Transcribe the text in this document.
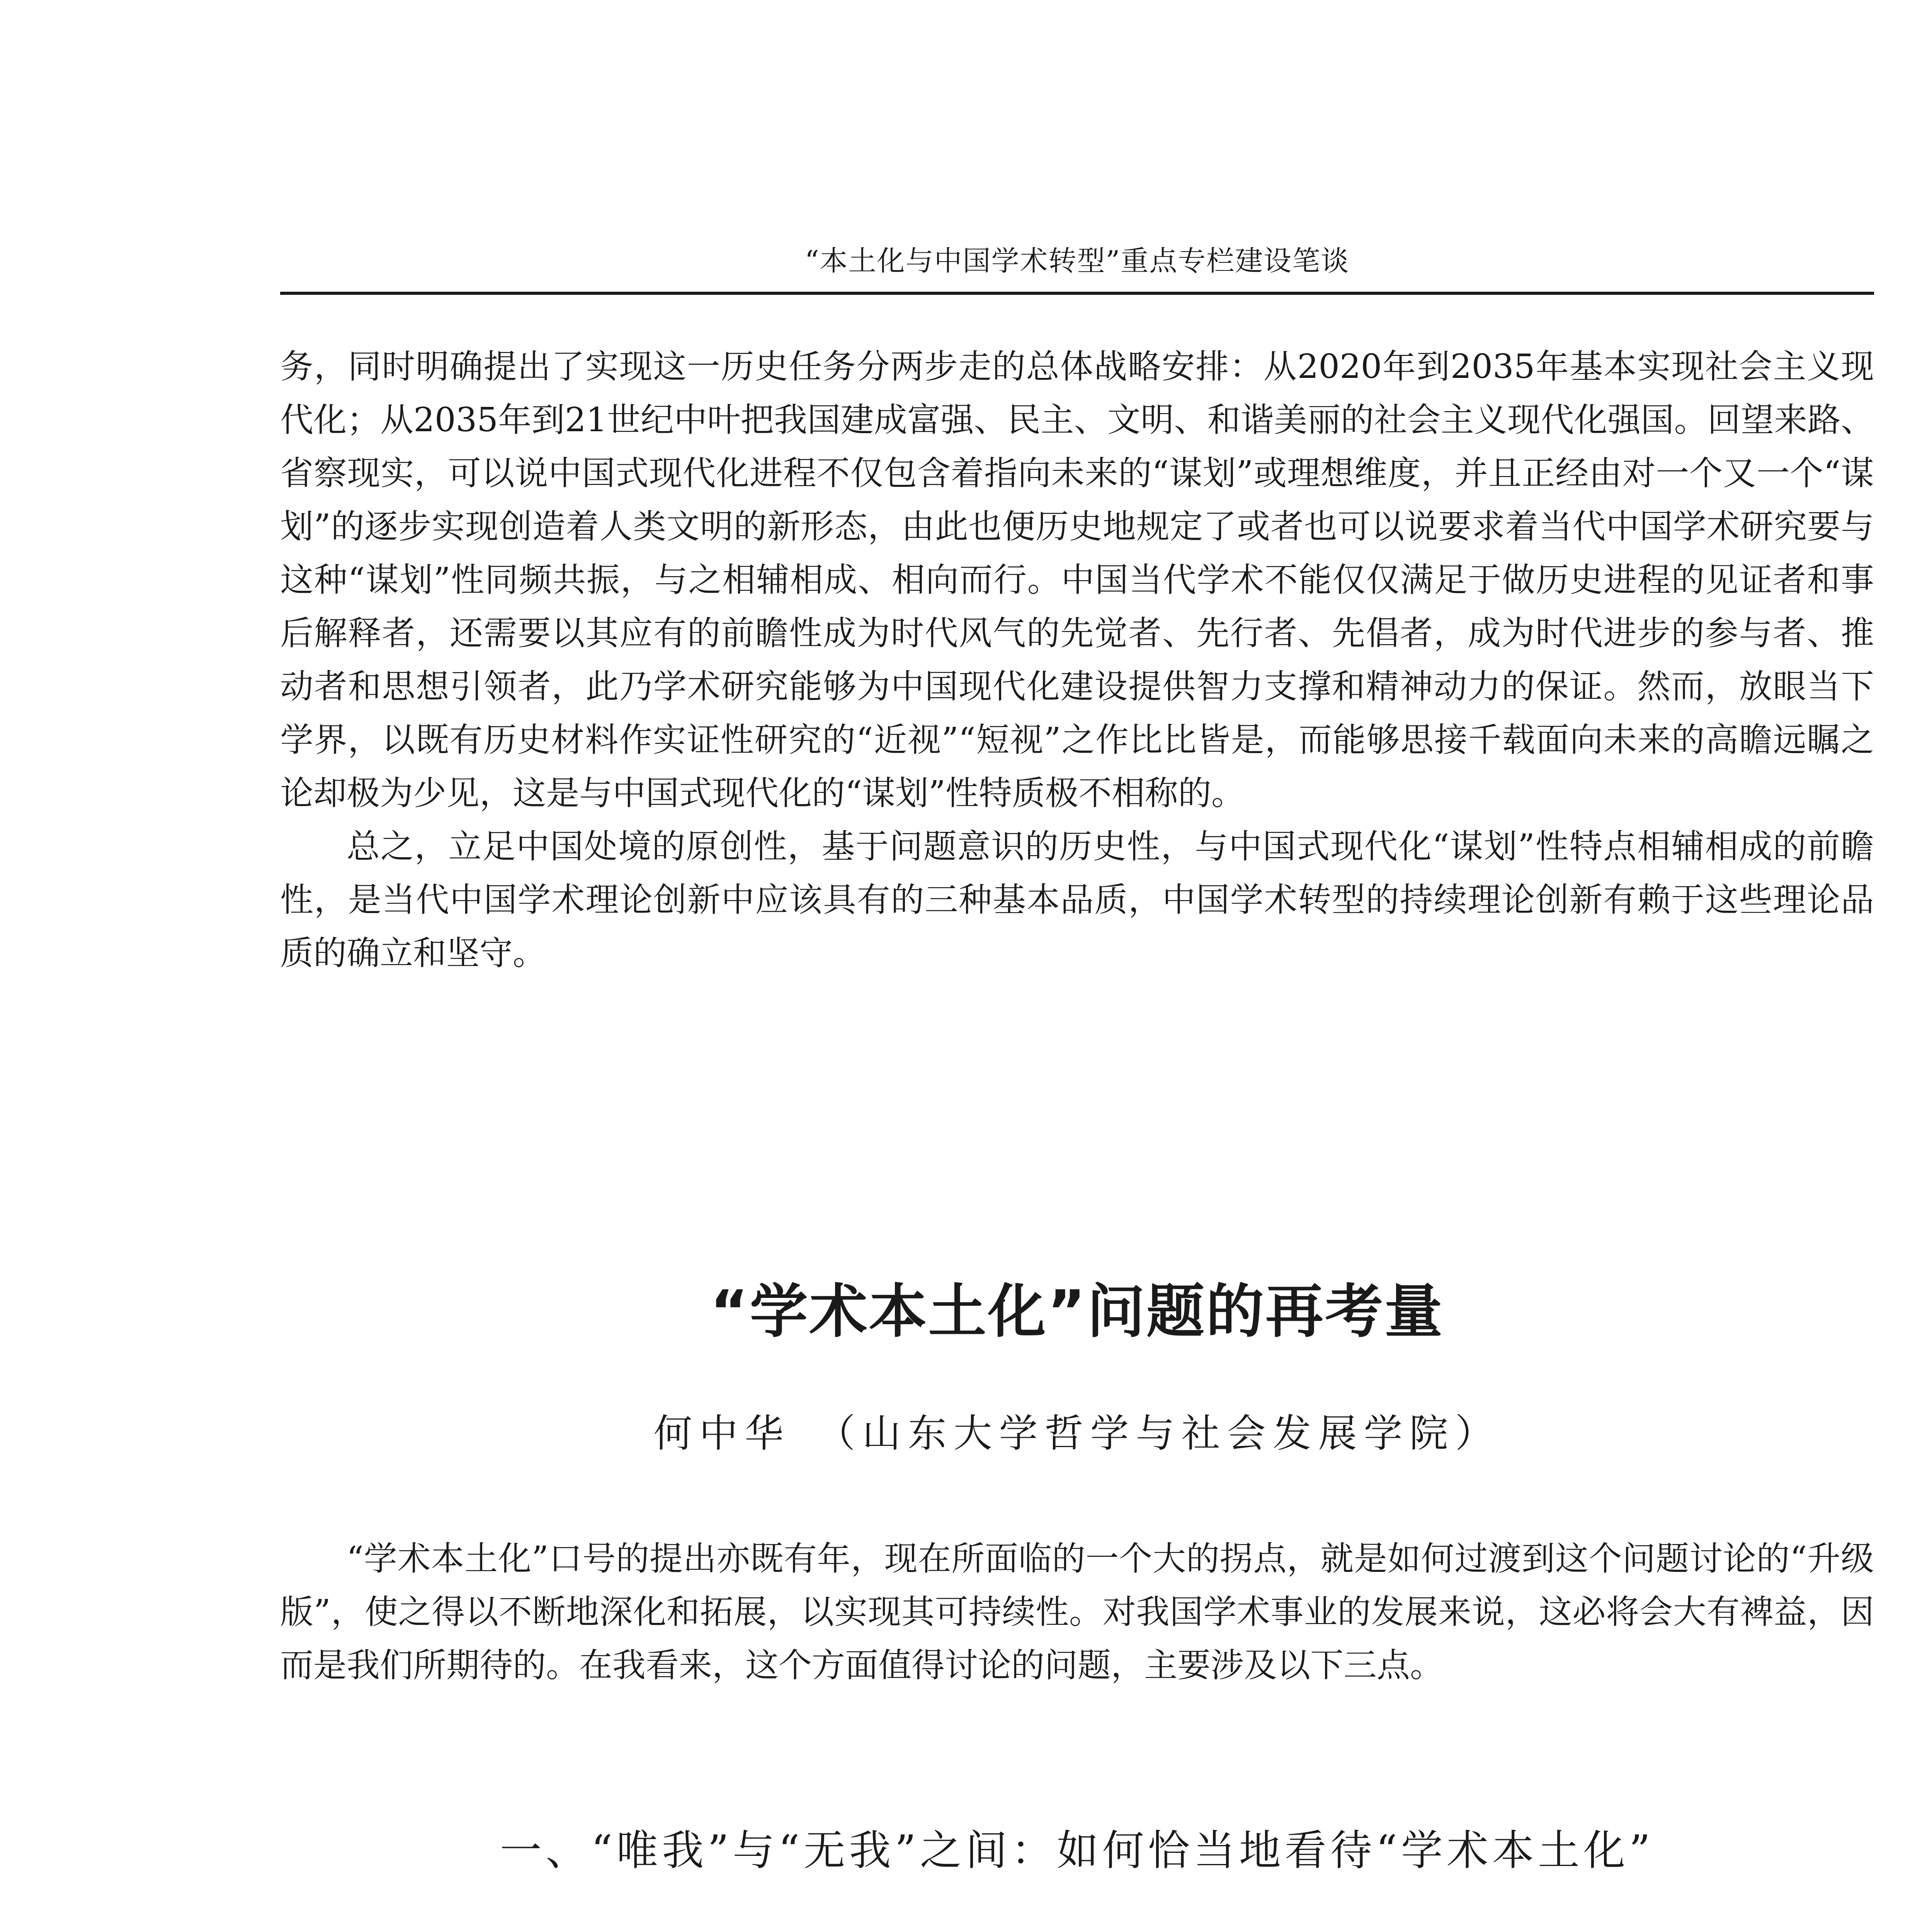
“本土化与中国学术转型”重点专栏建设笔谈

务，同时明确提出了实现这一历史任务分两步走的总体战略安排：从2020年到2035年基本实现社会主义现代化；从2035年到21世纪中叶把我国建成富强、民主、文明、和谐美丽的社会主义现代化强国。回望来路、省察现实，可以说中国式现代化进程不仅包含着指向未来的“谋划”或理想维度，并且正经由对一个又一个“谋划”的逐步实现创造着人类文明的新形态，由此也便历史地规定了或者也可以说要求着当代中国学术研究要与这种“谋划”性同频共振，与之相辅相成、相向而行。中国当代学术不能仅仅满足于做历史进程的见证者和事后解释者，还需要以其应有的前瞻性成为时代风气的先觉者、先行者、先倡者，成为时代进步的参与者、推动者和思想引领者，此乃学术研究能够为中国现代化建设提供智力支撑和精神动力的保证。然而，放眼当下学界，以既有历史材料作实证性研究的“近视”“短视”之作比比皆是，而能够思接千载面向未来的高瞻远瞩之论却极为少见，这是与中国式现代化的“谋划”性特质极不相称的。

总之，立足中国处境的原创性，基于问题意识的历史性，与中国式现代化“谋划”性特点相辅相成的前瞻性，是当代中国学术理论创新中应该具有的三种基本品质，中国学术转型的持续理论创新有赖于这些理论品质的确立和坚守。

“学术本土化”问题的再考量
何中华　（山东大学哲学与社会发展学院）

“学术本土化”口号的提出亦既有年，现在所面临的一个大的拐点，就是如何过渡到这个问题讨论的“升级版”，使之得以不断地深化和拓展，以实现其可持续性。对我国学术事业的发展来说，这必将会大有裨益，因而是我们所期待的。在我看来，这个方面值得讨论的问题，主要涉及以下三点。

一、“唯我”与“无我”之间：如何恰当地看待“学术本土化”
